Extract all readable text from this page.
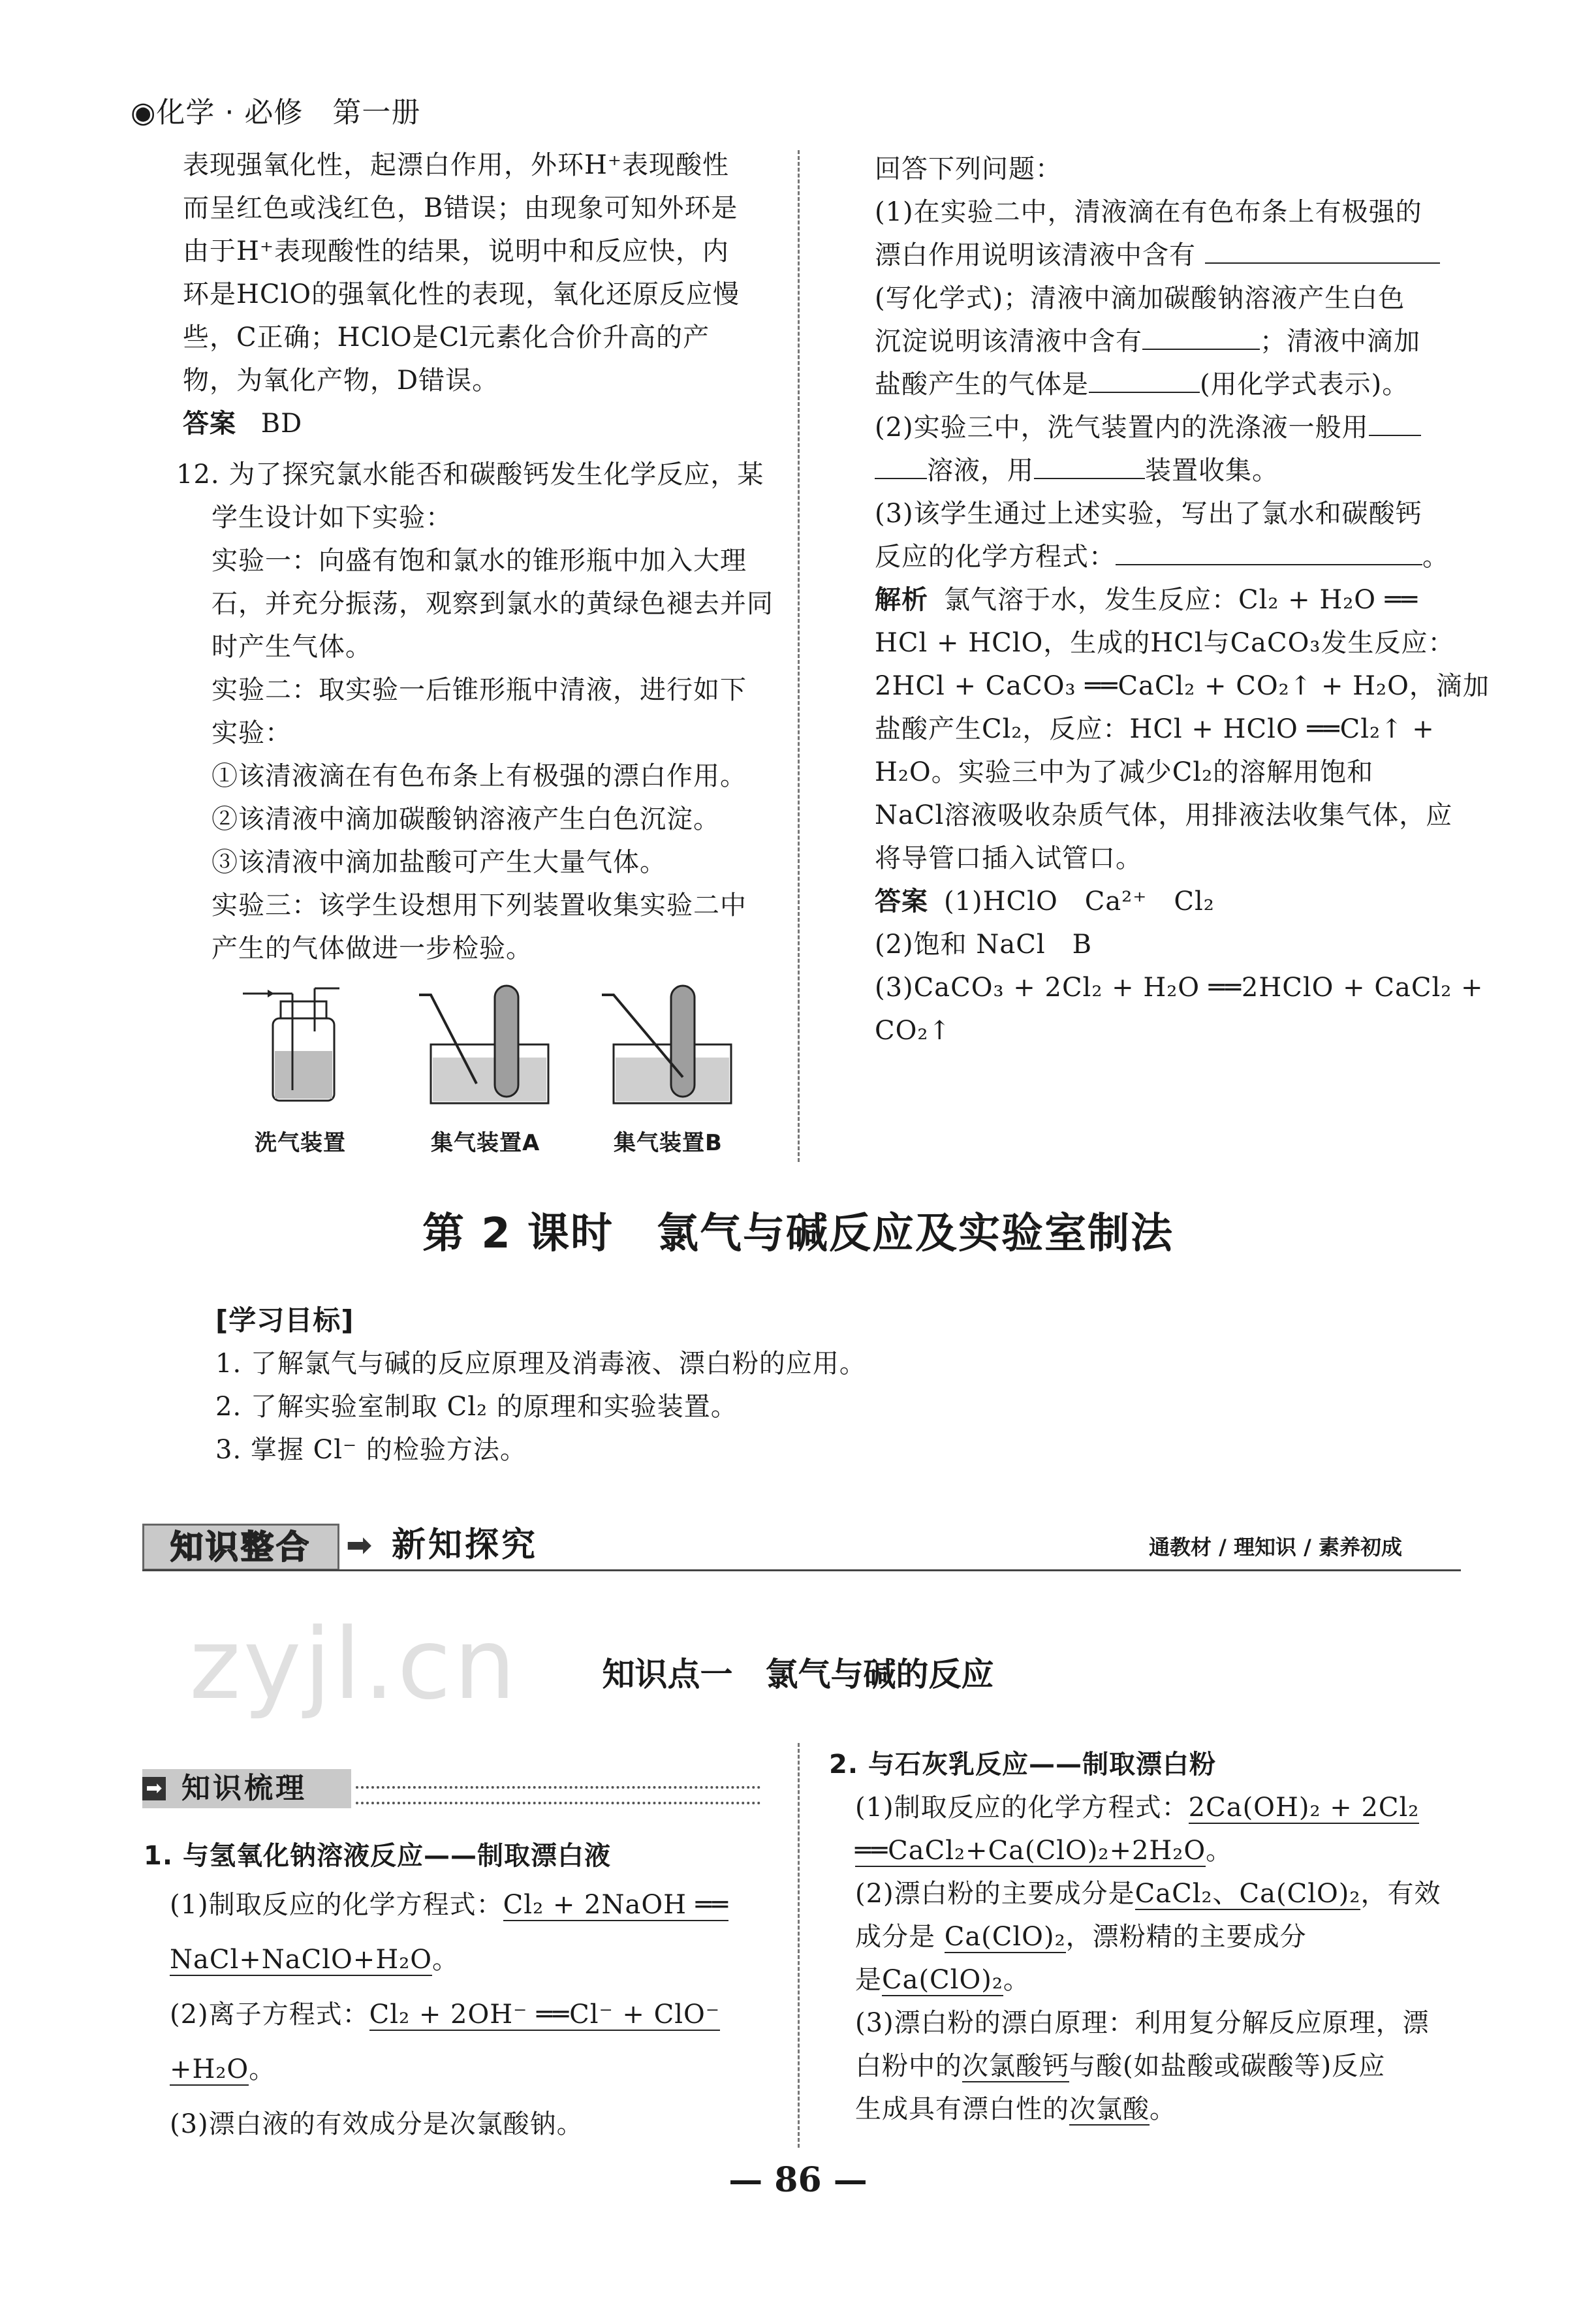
◉化学 · 必修　第一册
表现强氧化性，起漂白作用，外环H⁺表现酸性
而呈红色或浅红色，B错误；由现象可知外环是
由于H⁺表现酸性的结果，说明中和反应快，内
环是HClO的强氧化性的表现，氧化还原反应慢
些，C正确；HClO是Cl元素化合价升高的产
物，为氧化产物，D错误。
答案 BD
12. 为了探究氯水能否和碳酸钙发生化学反应，某
学生设计如下实验：
实验一：向盛有饱和氯水的锥形瓶中加入大理
石，并充分振荡，观察到氯水的黄绿色褪去并同
时产生气体。
实验二：取实验一后锥形瓶中清液，进行如下
实验：
①该清液滴在有色布条上有极强的漂白作用。
②该清液中滴加碳酸钠溶液产生白色沉淀。
③该清液中滴加盐酸可产生大量气体。
实验三：该学生设想用下列装置收集实验二中
产生的气体做进一步检验。
洗气装置	集气装置A	集气装置B
回答下列问题：
(1)在实验二中，清液滴在有色布条上有极强的
漂白作用说明该清液中含有
(写化学式)；清液中滴加碳酸钠溶液产生白色
沉淀说明该清液中含有	；清液中滴加
盐酸产生的气体是	(用化学式表示)。
(2)实验三中，洗气装置内的洗涤液一般用
溶液，用	装置收集。
(3)该学生通过上述实验，写出了氯水和碳酸钙
反应的化学方程式：	。
解析 氯气溶于水，发生反应：Cl₂ + H₂O ══
HCl + HClO，生成的HCl与CaCO₃发生反应：
2HCl + CaCO₃ ══CaCl₂ + CO₂↑ + H₂O，滴加
盐酸产生Cl₂，反应：HCl + HClO ══Cl₂↑ +
H₂O。实验三中为了减少Cl₂的溶解用饱和
NaCl溶液吸收杂质气体，用排液法收集气体，应
将导管口插入试管口。
答案 (1)HClO　Ca²⁺　Cl₂
(2)饱和 NaCl　B
(3)CaCO₃ + 2Cl₂ + H₂O ══2HClO + CaCl₂ +
CO₂↑
第 2 课时　氯气与碱反应及实验室制法
[学习目标]
1. 了解氯气与碱的反应原理及消毒液、漂白粉的应用。
2. 了解实验室制取 Cl₂ 的原理和实验装置。
3. 掌握 Cl⁻ 的检验方法。
知识整合	➡ 新知探究	通教材 / 理知识 / 素养初成
zyjl.cn	知识点一　氯气与碱的反应
知识梳理
➡
1. 与氢氧化钠溶液反应——制取漂白液
(1)制取反应的化学方程式：Cl₂ + 2NaOH ══
NaCl+NaClO+H₂O。
(2)离子方程式：Cl₂ + 2OH⁻ ══Cl⁻ + ClO⁻
+H₂O。
(3)漂白液的有效成分是次氯酸钠。
2. 与石灰乳反应——制取漂白粉
(1)制取反应的化学方程式：2Ca(OH)₂ + 2Cl₂
══CaCl₂+Ca(ClO)₂+2H₂O。
(2)漂白粉的主要成分是CaCl₂、Ca(ClO)₂，有效
成分是 Ca(ClO)₂，漂粉精的主要成分
是Ca(ClO)₂。
(3)漂白粉的漂白原理：利用复分解反应原理，漂
白粉中的次氯酸钙与酸(如盐酸或碳酸等)反应
生成具有漂白性的次氯酸。
— 86 —
